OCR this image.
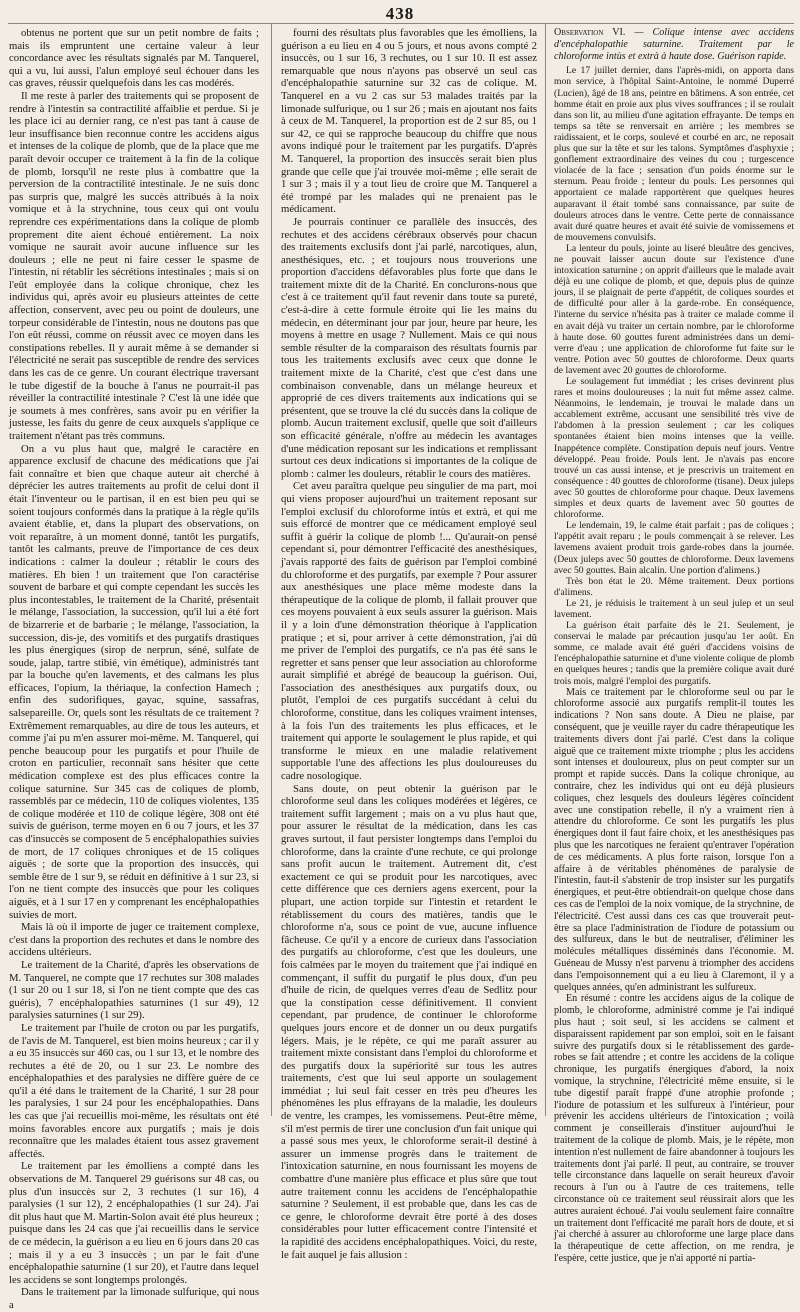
438

obtenus ne portent que sur un petit nombre de faits ; mais ils empruntent une certaine valeur à leur concordance avec les résultats signalés par M. Tanquerel, qui a vu, lui aussi, l'alun employé seul échouer dans les cas graves, réussir quelquefois dans les cas modérés.

Il me reste à parler des traitements qui se proposent de rendre à l'intestin sa contractilité affaiblie et perdue. Si je les place ici au dernier rang, ce n'est pas tant à cause de leur insuffisance bien reconnue contre les accidens aigus et intenses de la colique de plomb, que de la place que me paraît devoir occuper ce traitement à la fin de la colique de plomb, lorsqu'il ne reste plus à combattre que la perversion de la contractilité intestinale. Je ne suis donc pas surpris que, malgré les succès attribués à la noix vomique et à la strychnine, tous ceux qui ont voulu reprendre ces expérimentations dans la colique de plomb proprement dite aient échoué entièrement. La noix vomique ne saurait avoir aucune influence sur les douleurs ; elle ne peut ni faire cesser le spasme de l'intestin, ni rétablir les sécrétions intestinales ; mais si on l'eût employée dans la colique chronique, chez les individus qui, après avoir eu plusieurs atteintes de cette affection, conservent, avec peu ou point de douleurs, une torpeur considérable de l'intestin, nous ne doutons pas que l'on eût réussi, comme on réussit avec ce moyen dans les constipations rebelles. Il y aurait même à se demander si l'électricité ne serait pas susceptible de rendre des services dans les cas de ce genre. Un courant électrique traversant le tube digestif de la bouche à l'anus ne pourrait-il pas réveiller la contractilité intestinale ? C'est là une idée que je soumets à mes confrères, sans avoir pu en vérifier la justesse, les faits du genre de ceux auxquels s'applique ce traitement n'étant pas très communs.

On a vu plus haut que, malgré le caractère en apparence exclusif de chacune des médications que j'ai fait connaître et bien que chaque auteur ait cherché à déprécier les autres traitements au profit de celui dont il était l'inventeur ou le partisan, il en est bien peu qui se soient toujours conformés dans la pratique à la règle qu'ils avaient établie, et, dans la plupart des observations, on voit reparaître, à un moment donné, tantôt les purgatifs, tantôt les calmants, preuve de l'importance de ces deux indications : calmer la douleur ; rétablir le cours des matières. Eh bien ! un traitement que l'on caractérise souvent de barbare et qui compte cependant les succès les plus incontestables, le traitement de la Charité, présentait le mélange, l'association, la succession, qu'il lui a été fort de bizarrerie et de barbarie ; le mélange, l'association, la succession, dis-je, des vomitifs et des purgatifs drastiques les plus énergiques (sirop de nerprun, séné, sulfate de soude, jalap, tartre stibié, vin émétique), administrés tant par la bouche qu'en lavements, et des calmans les plus efficaces, l'opium, la thériaque, la confection Hamech ; enfin des sudorifiques, gayac, squine, sassafras, salsepareille. Or, quels sont les résultats de ce traitement ? Extrêmement remarquables, au dire de tous les auteurs, et comme j'ai pu m'en assurer moi-même. M. Tanquerel, qui penche beaucoup pour les purgatifs et pour l'huile de croton en particulier, reconnaît sans hésiter que cette médication complexe est des plus efficaces contre la colique saturnine. Sur 345 cas de coliques de plomb, rassemblés par ce médecin, 110 de coliques violentes, 135 de colique modérée et 110 de colique légère, 308 ont été suivis de guérison, terme moyen en 6 ou 7 jours, et les 37 cas d'insuccès se composent de 5 encéphalopathies suivies de mort, de 17 coliques chroniques et de 15 coliques aiguës ; de sorte que la proportion des insuccès, qui semble être de 1 sur 9, se réduit en définitive à 1 sur 23, si l'on ne tient compte des insuccès que pour les coliques aiguës, et à 1 sur 17 en y comprenant les encéphalopathies suivies de mort.

Mais là où il importe de juger ce traitement complexe, c'est dans la proportion des rechutes et dans le nombre des accidens ultérieurs.

Le traitement de la Charité, d'après les observations de M. Tanquerel, ne compte que 17 rechutes sur 308 malades (1 sur 20 ou 1 sur 18, si l'on ne tient compte que des cas guéris), 7 encéphalopathies saturnines (1 sur 49), 12 paralysies saturnines (1 sur 29).

Le traitement par l'huile de croton ou par les purgatifs, de l'avis de M. Tanquerel, est bien moins heureux ; car il y a eu 35 insuccès sur 460 cas, ou 1 sur 13, et le nombre des rechutes a été de 20, ou 1 sur 23. Le nombre des encéphalopathies et des paralysies ne diffère guère de ce qu'il a été dans le traitement de la Charité, 1 sur 28 pour les paralysies, 1 sur 24 pour les encéphalopathies. Dans les cas que j'ai recueillis moi-même, les résultats ont été moins favorables encore aux purgatifs ; mais je dois reconnaître que les malades étaient tous assez gravement affectés.

Le traitement par les émolliens a compté dans les observations de M. Tanquerel 29 guérisons sur 48 cas, ou plus d'un insuccès sur 2, 3 rechutes (1 sur 16), 4 paralysies (1 sur 12), 2 encéphalopathies (1 sur 24). J'ai dit plus haut que M. Martin-Solon avait été plus heureux ; puisque dans les 24 cas que j'ai recueillis dans le service de ce médecin, la guérison a eu lieu en 6 jours dans 20 cas ; mais il y a eu 3 insuccès ; un par le fait d'une encéphalopathie saturnine (1 sur 20), et l'autre dans lequel les accidens se sont longtemps prolongés.

Dans le traitement par la limonade sulfurique, qui nous a

fourni des résultats plus favorables que les émolliens, la guérison a eu lieu en 4 ou 5 jours, et nous avons compté 2 insuccès, ou 1 sur 16, 3 rechutes, ou 1 sur 10. Il est assez remarquable que nous n'ayons pas observé un seul cas d'encéphalopathie saturnine sur 32 cas de colique. M. Tanquerel en a vu 2 cas sur 53 malades traités par la limonade sulfurique, ou 1 sur 26 ; mais en ajoutant nos faits à ceux de M. Tanquerel, la proportion est de 2 sur 85, ou 1 sur 42, ce qui se rapproche beaucoup du chiffre que nous avons indiqué pour le traitement par les purgatifs. D'après M. Tanquerel, la proportion des insuccès serait bien plus grande que celle que j'ai trouvée moi-même ; elle serait de 1 sur 3 ; mais il y a tout lieu de croire que M. Tanquerel a été trompé par les malades qui ne prenaient pas le médicament.

Je pourrais continuer ce parallèle des insuccès, des rechutes et des accidens cérébraux observés pour chacun des traitements exclusifs dont j'ai parlé, narcotiques, alun, anesthésiques, etc. ; et toujours nous trouverions une proportion d'accidens défavorables plus forte que dans le traitement mixte dit de la Charité. En conclurons-nous que c'est à ce traitement qu'il faut revenir dans toute sa pureté, c'est-à-dire à cette formule étroite qui lie les mains du médecin, en déterminant jour par jour, heure par heure, les moyens à mettre en usage ? Nullement. Mais ce qui nous semble résulter de la comparaison des résultats fournis par tous les traitements exclusifs avec ceux que donne le traitement mixte de la Charité, c'est que c'est dans une combinaison convenable, dans un mélange heureux et approprié de ces divers traitements aux indications qui se présentent, que se trouve la clé du succès dans la colique de plomb. Aucun traitement exclusif, quelle que soit d'ailleurs son efficacité générale, n'offre au médecin les avantages d'une médication reposant sur les indications et remplissant surtout ces deux indications si importantes de la colique de plomb : calmer les douleurs, rétablir le cours des matières.

Cet aveu paraîtra quelque peu singulier de ma part, moi qui viens proposer aujourd'hui un traitement reposant sur l'emploi exclusif du chloroforme intùs et extrà, et qui me suis efforcé de montrer que ce médicament employé seul suffit à guérir la colique de plomb !... Qu'aurait-on pensé cependant si, pour démontrer l'efficacité des anesthésiques, j'avais rapporté des faits de guérison par l'emploi combiné du chloroforme et des purgatifs, par exemple ? Pour assurer aux anesthésiques une place même modeste dans la thérapeutique de la colique de plomb, il fallait prouver que ces moyens pouvaient à eux seuls assurer la guérison. Mais il y a loin d'une démonstration théorique à l'application pratique ; et si, pour arriver à cette démonstration, j'ai dû me priver de l'emploi des purgatifs, ce n'a pas été sans le regretter et sans penser que leur association au chloroforme aurait simplifié et abrégé de beaucoup la guérison. Oui, l'association des anesthésiques aux purgatifs doux, ou plutôt, l'emploi de ces purgatifs succédant à celui du chloroforme, constitue, dans les coliques vraiment intenses, à la fois l'un des traitements les plus efficaces, et le traitement qui apporte le soulagement le plus rapide, et qui transforme le mieux en une maladie relativement supportable l'une des affections les plus douloureuses du cadre nosologique.

Sans doute, on peut obtenir la guérison par le chloroforme seul dans les coliques modérées et légères, ce traitement suffit largement ; mais on a vu plus haut que, pour assurer le résultat de la médication, dans les cas graves surtout, il faut persister longtemps dans l'emploi du chloroforme, dans la crainte d'une rechute, ce qui prolonge sans profit aucun le traitement. Autrement dit, c'est exactement ce qui se produit pour les narcotiques, avec cette différence que ces derniers agens exercent, pour la plupart, une action torpide sur l'intestin et retardent le rétablissement du cours des matières, tandis que le chloroforme n'a, sous ce point de vue, aucune influence fâcheuse. Ce qu'il y a encore de curieux dans l'association des purgatifs au chloroforme, c'est que les douleurs, une fois calmées par le moyen du traitement que j'ai indiqué en commençant, il suffit du purgatif le plus doux, d'un peu d'huile de ricin, de quelques verres d'eau de Sedlitz pour que la constipation cesse définitivement. Il convient cependant, par prudence, de continuer le chloroforme quelques jours encore et de donner un ou deux purgatifs légers. Mais, je le répète, ce qui me paraît assurer au traitement mixte consistant dans l'emploi du chloroforme et des purgatifs doux la supériorité sur tous les autres traitements, c'est que lui seul apporte un soulagement immédiat ; lui seul fait cesser en très peu d'heures les phénomènes les plus effrayans de la maladie, les douleurs de ventre, les crampes, les vomissemens. Peut-être même, s'il m'est permis de tirer une conclusion d'un fait unique qui a passé sous mes yeux, le chloroforme serait-il destiné à assurer un immense progrès dans le traitement de l'intoxication saturnine, en nous fournissant les moyens de combattre d'une manière plus efficace et plus sûre que tout autre traitement connu les accidens de l'encéphalopathie saturnine ? Seulement, il est probable que, dans les cas de ce genre, le chloroforme devrait être porté à des doses considérables pour lutter efficacement contre l'intensité et la rapidité des accidens encéphalopathiques. Voici, du reste, le fait auquel je fais allusion :

Observation VI. — Colique intense avec accidens d'encéphalopathie saturnine. Traitement par le chloroforme intùs et extrà à haute dose. Guérison rapide.

Le 17 juillet dernier, dans l'après-midi, on apporta dans mon service, à l'hôpital Saint-Antoine, le nommé Duperré (Lucien), âgé de 18 ans, peintre en bâtimens. A son entrée, cet homme était en proie aux plus vives souffrances ; il se roulait dans son lit, au milieu d'une agitation effrayante. De temps en temps sa tête se renversait en arrière ; les membres se raidissaient, et le corps, soulevé et courbé en arc, ne reposait plus que sur la tête et sur les talons. Symptômes d'asphyxie ; gonflement extraordinaire des veines du cou ; turgescence violacée de la face ; sensation d'un poids énorme sur le sternum. Peau froide ; lenteur du pouls. Les personnes qui apportaient ce malade rapportèrent que quelques heures auparavant il était tombé sans connaissance, par suite de douleurs atroces dans le ventre. Cette perte de connaissance avait duré quatre heures et avait été suivie de vomissemens et de mouvemens convulsifs.

La lenteur du pouls, jointe au liseré bleuâtre des gencives, ne pouvait laisser aucun doute sur l'existence d'une intoxication saturnine ; on apprit d'ailleurs que le malade avait déjà eu une colique de plomb, et que, depuis plus de quinze jours, il se plaignait de perte d'appétit, de coliques sourdes et de difficulté pour aller à la garde-robe. En conséquence, l'interne du service n'hésita pas à traiter ce malade comme il en avait déjà vu traiter un certain nombre, par le chloroforme à haute dose. 60 gouttes furent administrées dans un demi-verre d'eau ; une application de chloroforme fut faite sur le ventre. Potion avec 50 gouttes de chloroforme. Deux quarts de lavement avec 20 gouttes de chloroforme.

Le soulagement fut immédiat ; les crises devinrent plus rares et moins douloureuses ; la nuit fut même assez calme. Néanmoins, le lendemain, je trouvai le malade dans un accablement extrême, accusant une sensibilité très vive de l'abdomen à la pression seulement ; car les coliques spontanées étaient bien moins intenses que la veille. Inappétence complète. Constipation depuis neuf jours. Ventre développé. Peau froide. Pouls lent. Je n'avais pas encore trouvé un cas aussi intense, et je prescrivis un traitement en conséquence : 40 gouttes de chloroforme (tisane). Deux juleps avec 50 gouttes de chloroforme pour chaque. Deux lavemens simples et deux quarts de lavement avec 50 gouttes de chloroforme.

Le lendemain, 19, le calme était parfait ; pas de coliques ; l'appétit avait reparu ; le pouls commençait à se relever. Les lavemens avaient produit trois garde-robes dans la journée. (Deux juleps avec 50 gouttes de chloroforme. Deux lavemens avec 50 gouttes. Bain alcalin. Une portion d'alimens.)

Très bon état le 20. Même traitement. Deux portions d'alimens.

Le 21, je réduisis le traitement à un seul julep et un seul lavement.

La guérison était parfaite dès le 21. Seulement, je conservai le malade par précaution jusqu'au 1er août. En somme, ce malade avait été guéri d'accidens voisins de l'encéphalopathie saturnine et d'une violente colique de plomb en quelques heures ; tandis que la première colique avait duré trois mois, malgré l'emploi des purgatifs.

Mais ce traitement par le chloroforme seul ou par le chloroforme associé aux purgatifs remplit-il toutes les indications ? Non sans doute. A Dieu ne plaise, par conséquent, que je veuille rayer du cadre thérapeutique les traitements divers dont j'ai parlé. C'est dans la colique aiguë que ce traitement mixte triomphe ; plus les accidens sont intenses et douloureux, plus on peut compter sur un prompt et rapide succès. Dans la colique chronique, au contraire, chez les individus qui ont eu déjà plusieurs coliques, chez lesquels des douleurs légères coïncident avec une constipation rebelle, il n'y a vraiment rien à attendre du chloroforme. Ce sont les purgatifs les plus énergiques dont il faut faire choix, et les anesthésiques pas plus que les narcotiques ne feraient qu'entraver l'opération de ces médicaments. A plus forte raison, lorsque l'on a affaire à de véritables phénomènes de paralysie de l'intestin, faut-il s'abstenir de trop insister sur les purgatifs énergiques, et peut-être obtiendrait-on quelque chose dans ces cas de l'emploi de la noix vomique, de la strychnine, de l'électricité. C'est aussi dans ces cas que trouverait peut-être sa place l'administration de l'iodure de potassium ou des sulfureux, dans le but de neutraliser, d'éliminer les molécules métalliques disséminés dans l'économie. M. Guéneau de Mussy n'est parvenu à triompher des accidens dans l'empoisonnement qui a eu lieu à Claremont, il y a quelques années, qu'en administrant les sulfureux.

En résumé : contre les accidens aigus de la colique de plomb, le chloroforme, administré comme je l'ai indiqué plus haut ; soit seul, si les accidens se calment et disparaissent rapidement par son emploi, soit en le faisant suivre des purgatifs doux si le rétablissement des garde-robes se fait attendre ; et contre les accidens de la colique chronique, les purgatifs énergiques d'abord, la noix vomique, la strychnine, l'électricité même ensuite, si le tube digestif paraît frappé d'une atrophie profonde ; l'iodure de potassium et les sulfureux à l'intérieur, pour prévenir les accidens ultérieurs de l'intoxication ; voilà comment je conseillerais d'instituer aujourd'hui le traitement de la colique de plomb. Mais, je le répète, mon intention n'est nullement de faire abandonner à toujours les traitements dont j'ai parlé. Il peut, au contraire, se trouver telle circonstance dans laquelle on serait heureux d'avoir recours à l'un ou à l'autre de ces traitemens, telle circonstance où ce traitement seul réussirait alors que les autres auraient échoué. J'ai voulu seulement faire connaître un traitement dont l'efficacité me paraît hors de doute, et si j'ai cherché à assurer au chloroforme une large place dans la thérapeutique de cette affection, on me rendra, je l'espère, cette justice, que je n'ai apporté ni partia-
